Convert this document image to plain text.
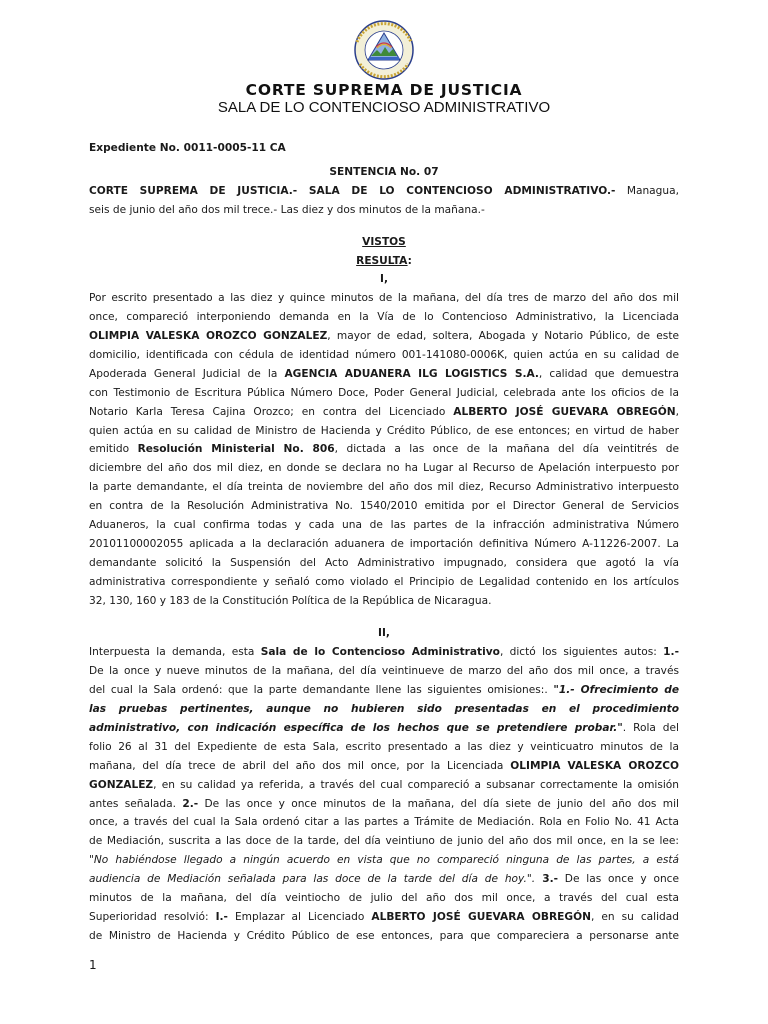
CORTE SUPREMA DE JUSTICIA
SALA DE LO CONTENCIOSO ADMINISTRATIVO
Expediente No. 0011-0005-11 CA
SENTENCIA No. 07
CORTE SUPREMA DE JUSTICIA.- SALA DE LO CONTENCIOSO ADMINISTRATIVO.- Managua,
seis de junio del año dos mil trece.- Las diez y dos minutos de la mañana.-
VISTOS
RESULTA:
I,
Por escrito presentado a las diez y quince minutos de la mañana, del día tres de marzo del año dos mil
once, compareció interponiendo demanda en la Vía de lo Contencioso Administrativo, la Licenciada
OLIMPIA VALESKA OROZCO GONZALEZ, mayor de edad, soltera, Abogada y Notario Público, de este
domicilio, identificada con cédula de identidad número 001-141080-0006K, quien actúa en su calidad de
Apoderada General Judicial de la AGENCIA ADUANERA ILG LOGISTICS S.A., calidad que demuestra
con Testimonio de Escritura Pública Número Doce, Poder General Judicial, celebrada ante los oficios de la
Notario Karla Teresa Cajina Orozco; en contra del Licenciado ALBERTO JOSÉ GUEVARA OBREGÓN,
quien actúa en su calidad de Ministro de Hacienda y Crédito Público, de ese entonces; en virtud de haber
emitido Resolución Ministerial No. 806, dictada a las once de la mañana del día veintitrés de
diciembre del año dos mil diez, en donde se declara no ha Lugar al Recurso de Apelación interpuesto por
la parte demandante, el día treinta de noviembre del año dos mil diez, Recurso Administrativo interpuesto
en contra de la Resolución Administrativa No. 1540/2010 emitida por el Director General de Servicios
Aduaneros, la cual confirma todas y cada una de las partes de la infracción administrativa Número
20101100002055 aplicada a la declaración aduanera de importación definitiva Número A-11226-2007. La
demandante solicitó la Suspensión del Acto Administrativo impugnado, considera que agotó la vía
administrativa correspondiente y señaló como violado el Principio de Legalidad contenido en los artículos
32, 130, 160 y 183 de la Constitución Política de la República de Nicaragua.
II,
Interpuesta la demanda, esta Sala de lo Contencioso Administrativo, dictó los siguientes autos: 1.-
De la once y nueve minutos de la mañana, del día veintinueve de marzo del año dos mil once, a través
del cual la Sala ordenó: que la parte demandante llene las siguientes omisiones:. "1.- Ofrecimiento de
las pruebas pertinentes, aunque no hubieren sido presentadas en el procedimiento
administrativo, con indicación específica de los hechos que se pretendiere probar.". Rola del
folio 26 al 31 del Expediente de esta Sala, escrito presentado a las diez y veinticuatro minutos de la
mañana, del día trece de abril del año dos mil once, por la Licenciada OLIMPIA VALESKA OROZCO
GONZALEZ, en su calidad ya referida, a través del cual compareció a subsanar correctamente la omisión
antes señalada. 2.- De las once y once minutos de la mañana, del día siete de junio del año dos mil
once, a través del cual la Sala ordenó citar a las partes a Trámite de Mediación. Rola en Folio No. 41 Acta
de Mediación, suscrita a las doce de la tarde, del día veintiuno de junio del año dos mil once, en la se lee:
"No habiéndose llegado a ningún acuerdo en vista que no compareció ninguna de las partes, a está
audiencia de Mediación señalada para las doce de la tarde del día de hoy.". 3.- De las once y once
minutos de la mañana, del día veintiocho de julio del año dos mil once, a través del cual esta
Superioridad resolvió: I.- Emplazar al Licenciado ALBERTO JOSÉ GUEVARA OBREGÓN, en su calidad
de Ministro de Hacienda y Crédito Público de ese entonces, para que compareciera a personarse ante
1
